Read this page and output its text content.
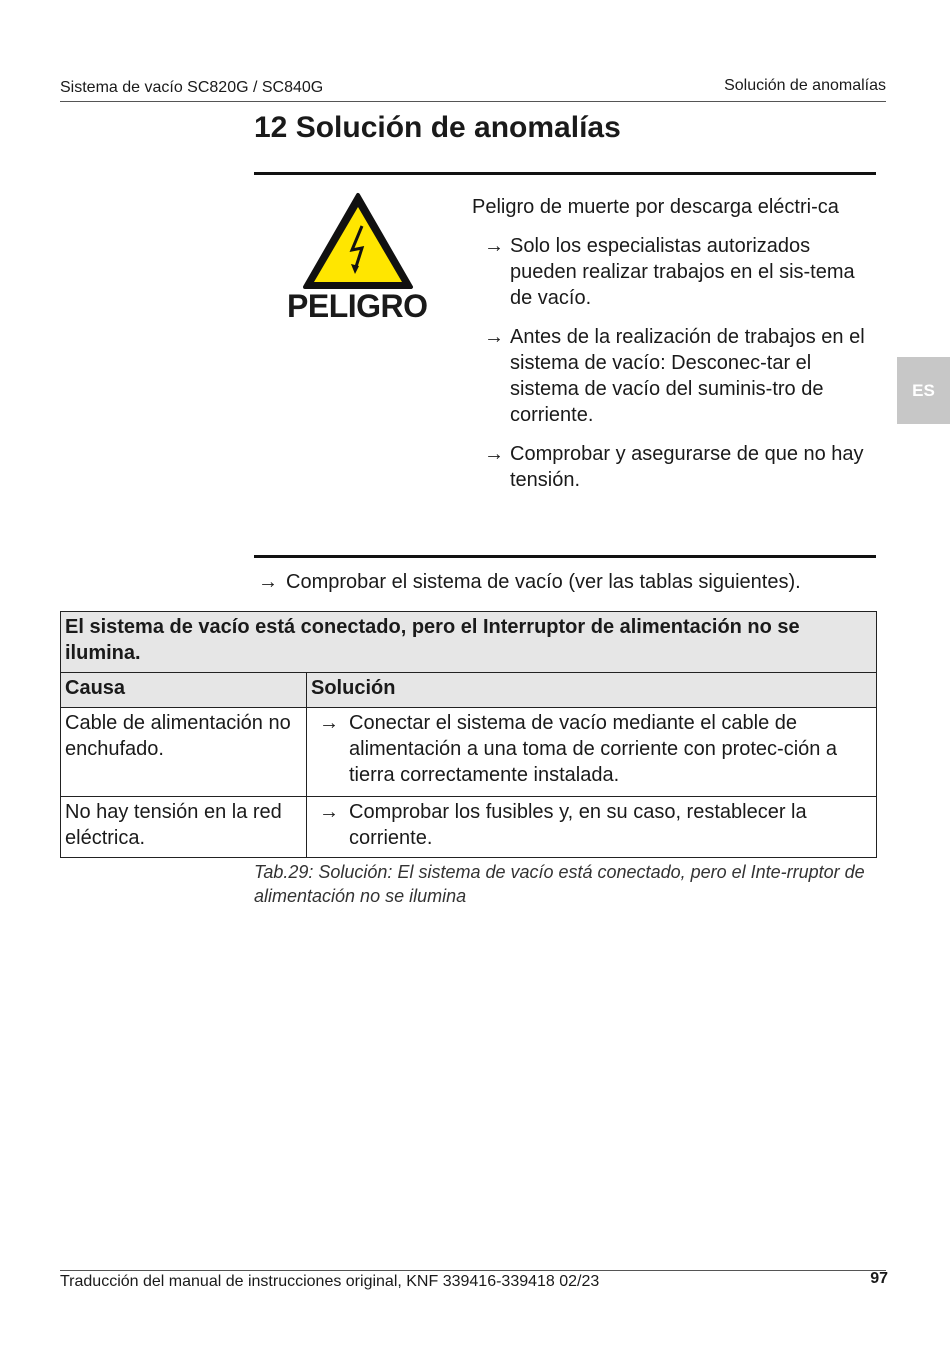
Sistema de vacío SC820G / SC840G	Solución de anomalías
12 Solución de anomalías
ES
PELIGRO

Peligro de muerte por descarga eléctri-ca

→ Solo los especialistas autorizados pueden realizar trabajos en el sis-tema de vacío.
→ Antes de la realización de trabajos en el sistema de vacío: Desconec-tar el sistema de vacío del suminis-tro de corriente.
→ Comprobar y asegurarse de que no hay tensión.
→ Comprobar el sistema de vacío (ver las tablas siguientes).
El sistema de vacío está conectado, pero el Interruptor de alimentación no se ilumina.	
Causa	Solución
Cable de alimentación no enchufado.	→ Conectar el sistema de vacío mediante el cable de alimentación a una toma de corriente con protec-ción a tierra correctamente instalada.

No hay tensión en la red eléctrica.	→ Comprobar los fusibles y, en su caso, restablecer la corriente.
Tab.29: Solución: El sistema de vacío está conectado, pero el Inte-rruptor de alimentación no se ilumina
Traducción del manual de instrucciones original, KNF 339416-339418 02/23	97
